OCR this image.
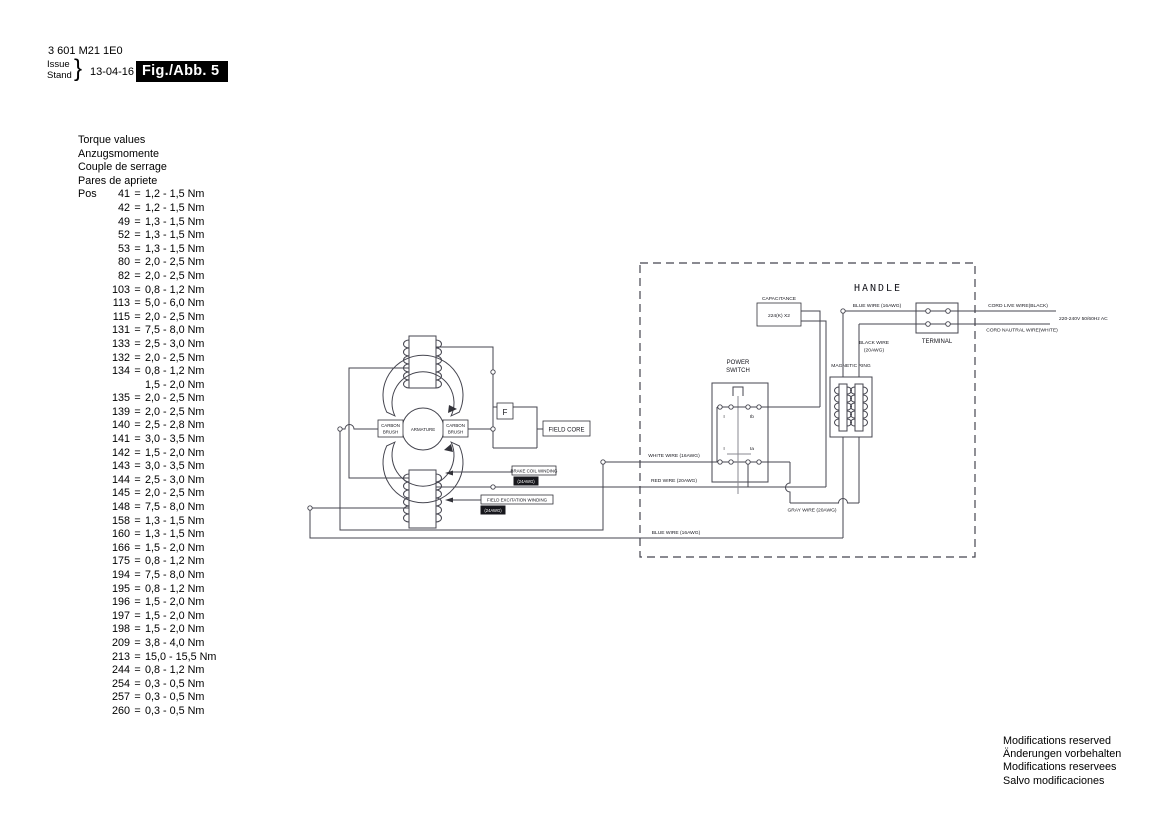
3 601 M21 1E0
Issue
Stand } 13-04-16 Fig./Abb. 5
Torque values
Anzugsmomente
Couple de serrage
Pares de apriete
Pos	41 = 1,2 - 1,5 Nm
42 = 1,2 - 1,5 Nm
49 = 1,3 - 1,5 Nm
52 = 1,3 - 1,5 Nm
53 = 1,3 - 1,5 Nm
80 = 2,0 - 2,5 Nm
82 = 2,0 - 2,5 Nm
103 = 0,8 - 1,2 Nm
113 = 5,0 - 6,0 Nm
115 = 2,0 - 2,5 Nm
131 = 7,5 - 8,0 Nm
133 = 2,5 - 3,0 Nm
132 = 2,0 - 2,5 Nm
134 = 0,8 - 1,2 Nm
1,5 - 2,0 Nm
135 = 2,0 - 2,5 Nm
139 = 2,0 - 2,5 Nm
140 = 2,5 - 2,8 Nm
141 = 3,0 - 3,5 Nm
142 = 1,5 - 2,0 Nm
143 = 3,0 - 3,5 Nm
144 = 2,5 - 3,0 Nm
145 = 2,0 - 2,5 Nm
148 = 7,5 - 8,0 Nm
158 = 1,3 - 1,5 Nm
160 = 1,3 - 1,5 Nm
166 = 1,5 - 2,0 Nm
175 = 0,8 - 1,2 Nm
194 = 7,5 - 8,0 Nm
195 = 0,8 - 1,2 Nm
196 = 1,5 - 2,0 Nm
197 = 1,5 - 2,0 Nm
198 = 1,5 - 2,0 Nm
209 = 3,8 - 4,0 Nm
213 = 15,0 - 15,5 Nm
244 = 0,8 - 1,2 Nm
254 = 0,3 - 0,5 Nm
257 = 0,3 - 0,5 Nm
260 = 0,3 - 0,5 Nm
ARMATURE
CARBON
BRUSH
CARBON
BRUSH
F
FIELD CORE
BRAKE COIL WINDING
(24AWG)
FIELD EXCITATION WINDING
(24AWG)
HANDLE
CAPACITANCE
224(K) X2
POWER
SWITCH
I	Ib
I	Ia
MAGNETIC RING
TERMINAL
WHITE WIRE (16AWG)
RED WIRE (20AWG)
BLUE WIRE (16AWG)
GRAY WIRE (20AWG)
BLUE WIRE (16AWG)
BLACK WIRE
(20AWG)
CORD LIVE WIRE(BLACK)
CORD NAUTRAL WIRE(WHITE)
220-240V 50/60Hz AC
Modifications reserved
Änderungen vorbehalten
Modifications reservees
Salvo modificaciones
